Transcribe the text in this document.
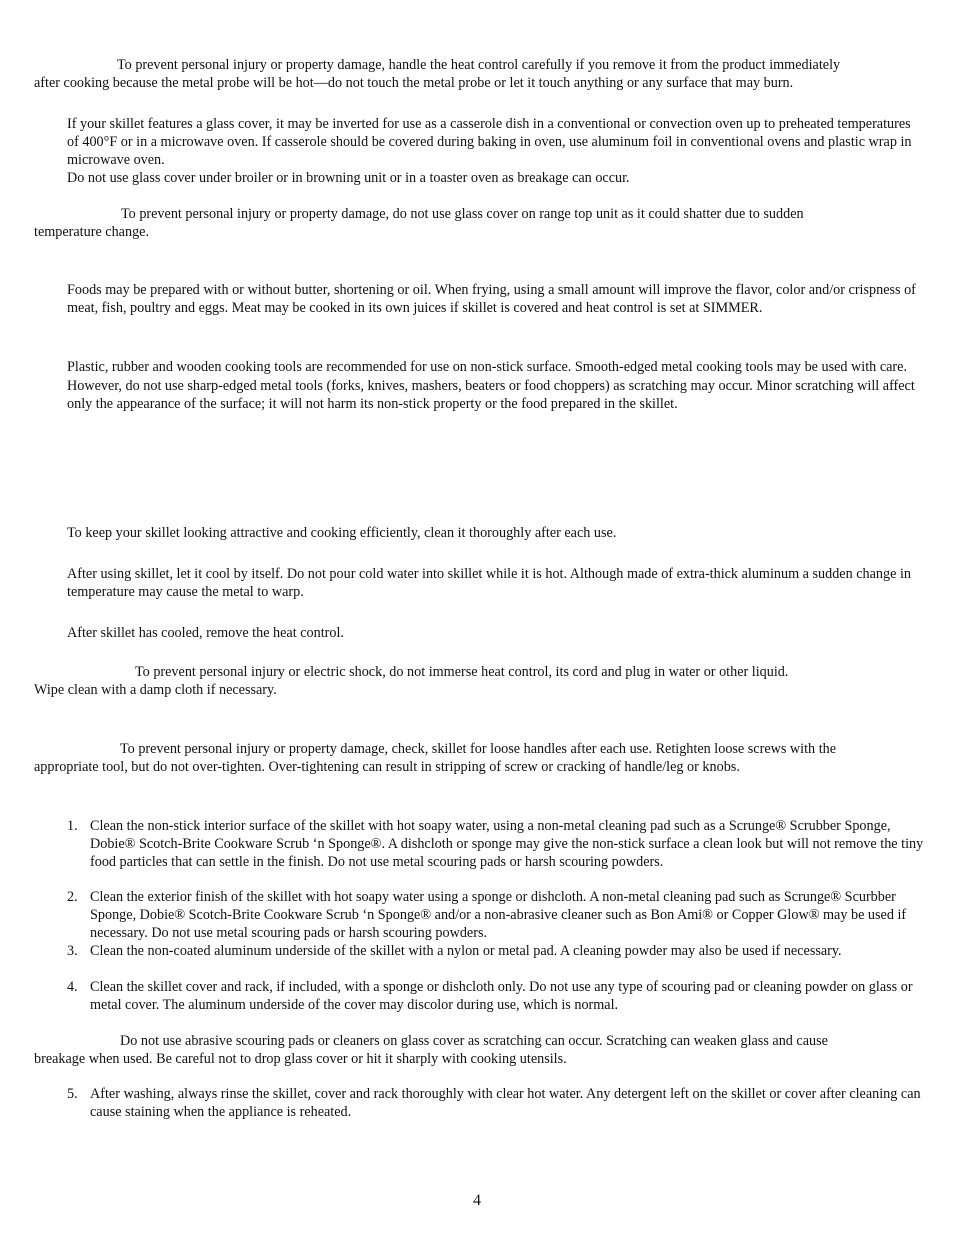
To prevent personal injury or property damage, handle the heat control carefully if you remove it from the product immediately
after cooking because the metal probe will be hot—do not touch the metal probe or let it touch anything or any surface that may burn.

If your skillet features a glass cover, it may be inverted for use as a casserole dish in a conventional or convection oven up to preheated temperatures of 400°F or in a microwave oven. If casserole should be covered during baking in oven, use aluminum foil in conventional ovens and plastic wrap in microwave oven.

Do not use glass cover under broiler or in browning unit or in a toaster oven as breakage can occur.

To prevent personal injury or property damage, do not use glass cover on range top unit as it could shatter due to sudden
temperature change.

Foods may be prepared with or without butter, shortening or oil. When frying, using a small amount will improve the flavor, color and/or crispness of meat, fish, poultry and eggs. Meat may be cooked in its own juices if skillet is covered and heat control is set at SIMMER.

Plastic, rubber and wooden cooking tools are recommended for use on non-stick surface. Smooth-edged metal cooking tools may be used with care. However, do not use sharp-edged metal tools (forks, knives, mashers, beaters or food choppers) as scratching may occur. Minor scratching will affect only the appearance of the surface; it will not harm its non-stick property or the food prepared in the skillet.

To keep your skillet looking attractive and cooking efficiently, clean it thoroughly after each use.

After using skillet, let it cool by itself. Do not pour cold water into skillet while it is hot. Although made of extra-thick aluminum a sudden change in temperature may cause the metal to warp.

After skillet has cooled, remove the heat control.

To prevent personal injury or electric shock, do not immerse heat control, its cord and plug in water or other liquid.
Wipe clean with a damp cloth if necessary.
To prevent personal injury or property damage, check, skillet for loose handles after each use. Retighten loose screws with the
appropriate tool, but do not over-tighten. Over-tightening can result in stripping of screw or cracking of handle/leg or knobs.
1. Clean the non-stick interior surface of the skillet with hot soapy water, using a non-metal cleaning pad such as a Scrunge® Scrubber Sponge, Dobie® Scotch-Brite Cookware Scrub ‘n Sponge®. A dishcloth or sponge may give the non-stick surface a clean look but will not remove the tiny food particles that can settle in the finish. Do not use metal scouring pads or harsh scouring powders.
2. Clean the exterior finish of the skillet with hot soapy water using a sponge or dishcloth. A non-metal cleaning pad such as Scrunge® Scurbber Sponge, Dobie® Scotch-Brite Cookware Scrub ‘n Sponge® and/or a non-abrasive cleaner such as Bon Ami® or Copper Glow® may be used if necessary. Do not use metal scouring pads or harsh scouring powders.
3. Clean the non-coated aluminum underside of the skillet with a nylon or metal pad. A cleaning powder may also be used if necessary.
4. Clean the skillet cover and rack, if included, with a sponge or dishcloth only. Do not use any type of scouring pad or cleaning powder on glass or metal cover. The aluminum underside of the cover may discolor during use, which is normal.
Do not use abrasive scouring pads or cleaners on glass cover as scratching can occur. Scratching can weaken glass and cause
breakage when used. Be careful not to drop glass cover or hit it sharply with cooking utensils.
5. After washing, always rinse the skillet, cover and rack thoroughly with clear hot water. Any detergent left on the skillet or cover after cleaning can cause staining when the appliance is reheated.
4
